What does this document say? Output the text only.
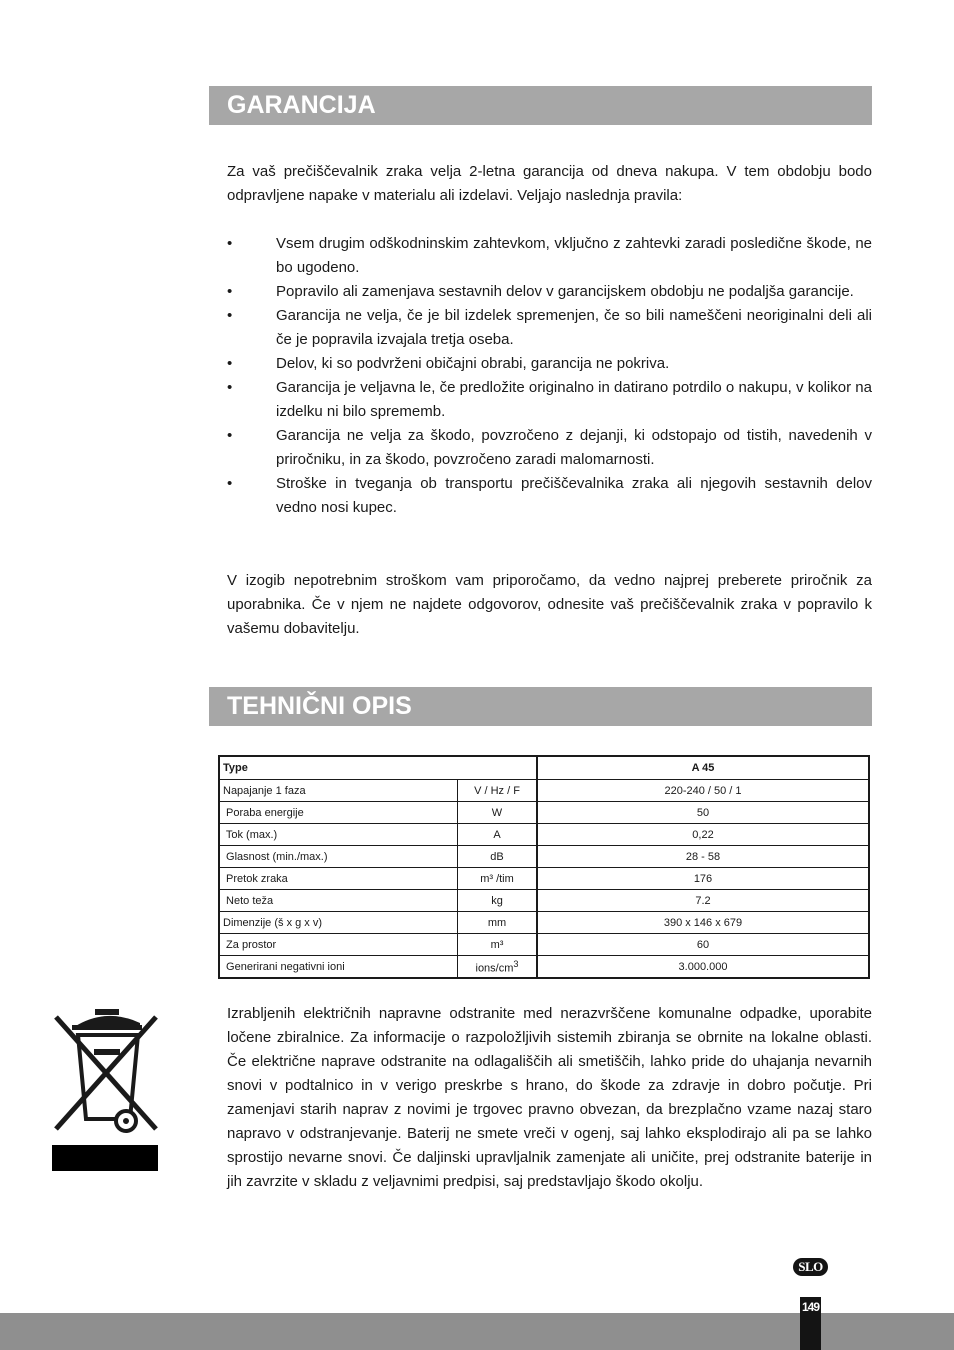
GARANCIJA

Za vaš prečiščevalnik zraka velja 2-letna garancija od dneva nakupa. V tem obdobju bodo odpravljene napake v materialu ali izdelavi. Veljajo naslednja pravila:

•	Vsem drugim odškodninskim zahtevkom, vključno z zahtevki zaradi posledične škode, ne bo ugodeno.
•	Popravilo ali zamenjava sestavnih delov v garancijskem obdobju ne podaljša garancije.
•	Garancija ne velja, če je bil izdelek spremenjen, če so bili nameščeni neoriginalni deli ali če je popravila izvajala tretja oseba.
•	Delov, ki so podvrženi običajni obrabi, garancija ne pokriva.
•	Garancija je veljavna le, če predložite originalno in datirano potrdilo o nakupu, v kolikor na izdelku ni bilo sprememb.
•	Garancija ne velja za škodo, povzročeno z dejanji, ki odstopajo od tistih, navedenih v priročniku, in za škodo, povzročeno zaradi malomarnosti.
•	Stroške in tveganja ob transportu prečiščevalnika zraka ali njegovih sestavnih delov vedno nosi kupec.

V izogib nepotrebnim stroškom vam priporočamo, da vedno najprej preberete priročnik za uporabnika. Če v njem ne najdete odgovorov, odnesite vaš prečiščevalnik zraka v popravilo k vašemu dobavitelju.

TEHNIČNI OPIS
Type		A 45
Napajanje 1 faza	V / Hz / F	220-240 / 50 / 1
Poraba energije	W	50
Tok (max.)	A	0,22
Glasnost (min./max.)	dB	28 - 58
Pretok zraka	m³ /tim	176
Neto teža	kg	7.2
Dimenzije (š x g x v)	mm	390 x 146 x 679
Za prostor	m³	60
Generirani negativni ioni	ions/$cm^3$	3.000.000

Izrabljenih električnih napravne odstranite med nerazvrščene komunalne odpadke, uporabite ločene zbiralnice. Za informacije o razpoložljivih sistemih zbiranja se obrnite na lokalne oblasti. Če električne naprave odstranite na odlagališčih ali smetiščih, lahko pride do uhajanja nevarnih snovi v podtalnico in v verigo preskrbe s hrano, do škode za zdravje in dobro počutje. Pri zamenjavi starih naprav z novimi je trgovec pravno obvezan, da brezplačno vzame nazaj staro napravo v odstranjevanje. Baterij ne smete vreči v ogenj, saj lahko eksplodirajo ali pa se lahko sprostijo nevarne snovi. Če daljinski upravljalnik zamenjate ali uničite, prej odstranite baterije in jih zavrzite v skladu z veljavnimi predpisi, saj predstavljajo škodo okolju.

SLO
149
